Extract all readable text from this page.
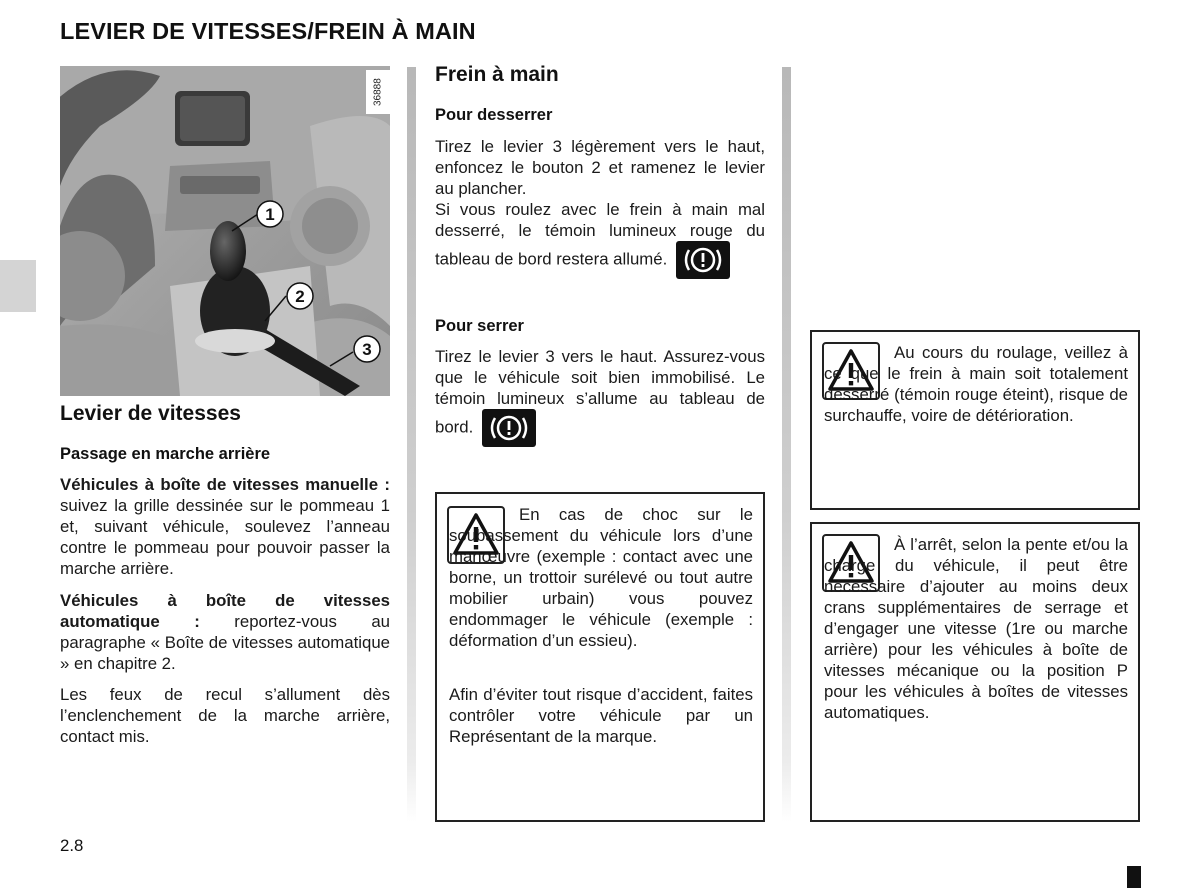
LEVIER DE VITESSES/FREIN À MAIN
1
2
3
36888
Levier de vitesses
Passage en marche arrière
Véhicules à boîte de vitesses manuelle : suivez la grille dessinée sur le pommeau 1 et, suivant véhicule, soulevez l’anneau contre le pommeau pour pouvoir passer la marche arrière.
Véhicules à boîte de vitesses automatique : reportez-vous au paragraphe « Boîte de vitesses automatique » en chapitre 2.
Les feux de recul s’allument dès l’enclenchement de la marche arrière, contact mis.
Frein à main
Pour desserrer
Tirez le levier 3 légèrement vers le haut, enfoncez le bouton 2 et ramenez le levier au plancher.
Si vous roulez avec le frein à main mal desserré, le témoin lumineux rouge du tableau de bord restera allumé.
Pour serrer
Tirez le levier 3 vers le haut. Assurez-vous que le véhicule soit bien immobilisé. Le témoin lumineux s’allume au tableau de bord.
En cas de choc sur le soubassement du véhicule lors d’une manœuvre (exemple : contact avec une borne, un trottoir surélevé ou tout autre mobilier urbain) vous pouvez endommager le véhicule (exemple : déformation d’un essieu).
Afin d’éviter tout risque d’accident, faites contrôler votre véhicule par un Représentant de la marque.
Au cours du roulage, veillez à ce que le frein à main soit totalement desserré (témoin rouge éteint), risque de surchauffe, voire de détérioration.
À l’arrêt, selon la pente et/ou la charge du véhicule, il peut être nécessaire d’ajouter au moins deux crans supplémentaires de serrage et d’engager une vitesse (1re ou marche arrière) pour les véhicules à boîte de vitesses mécanique ou la position P pour les véhicules à boîtes de vitesses automatiques.
2.8
